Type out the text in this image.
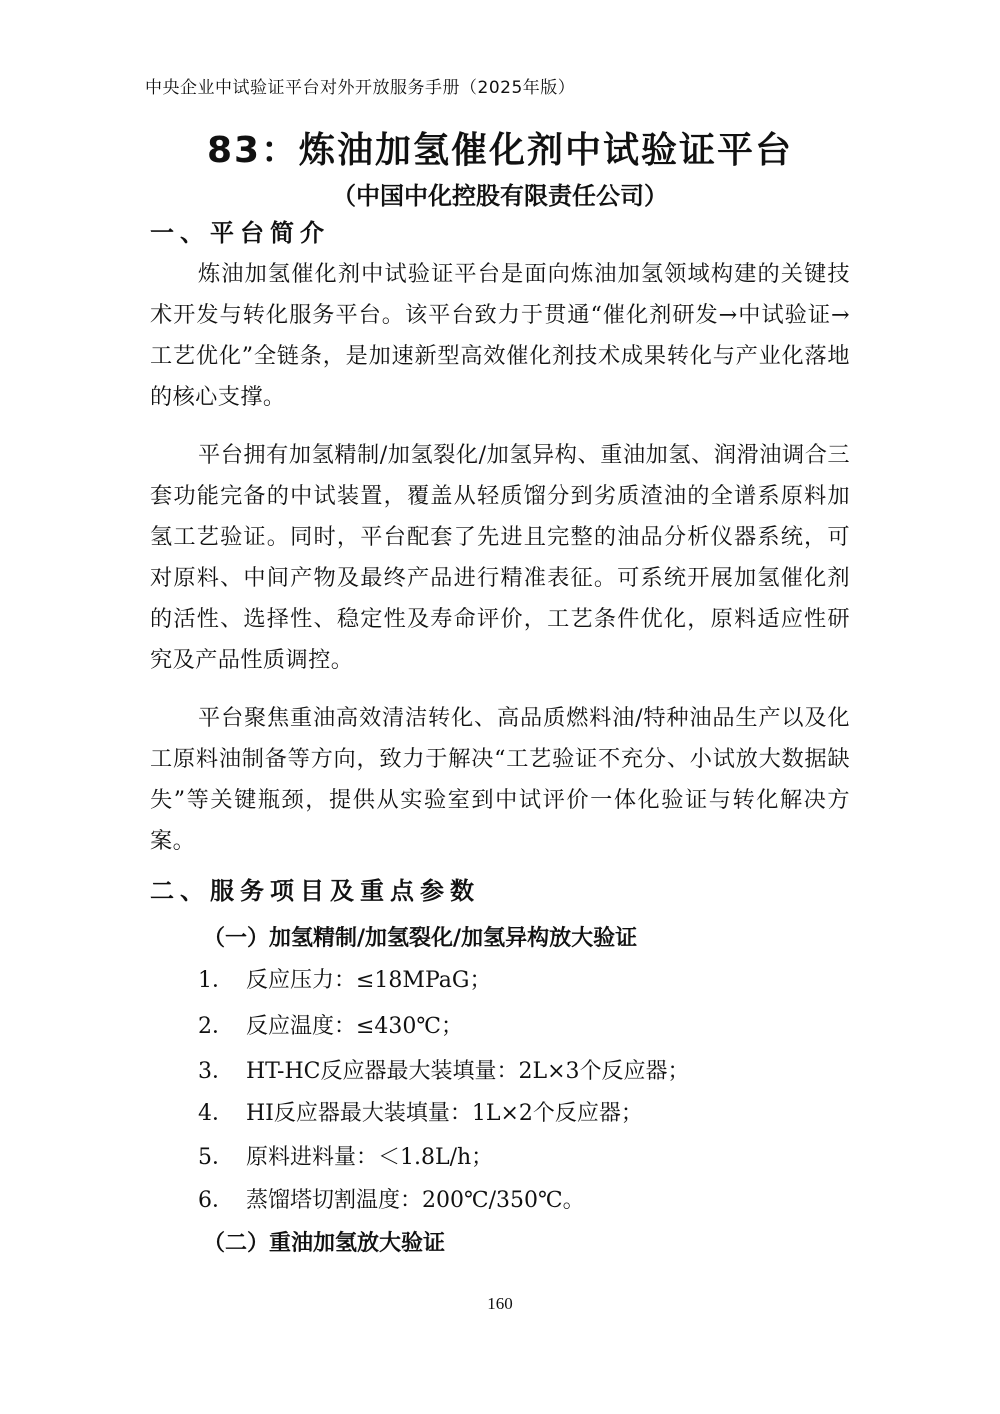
中央企业中试验证平台对外开放服务手册（2025年版）
83：炼油加氢催化剂中试验证平台
（中国中化控股有限责任公司）
一、平台简介

炼油加氢催化剂中试验证平台是面向炼油加氢领域构建的关键技术开发与转化服务平台。该平台致力于贯通“催化剂研发→中试验证→工艺优化”全链条，是加速新型高效催化剂技术成果转化与产业化落地的核心支撑。

平台拥有加氢精制/加氢裂化/加氢异构、重油加氢、润滑油调合三套功能完备的中试装置，覆盖从轻质馏分到劣质渣油的全谱系原料加氢工艺验证。同时，平台配套了先进且完整的油品分析仪器系统，可对原料、中间产物及最终产品进行精准表征。可系统开展加氢催化剂的活性、选择性、稳定性及寿命评价，工艺条件优化，原料适应性研究及产品性质调控。

平台聚焦重油高效清洁转化、高品质燃料油/特种油品生产以及化工原料油制备等方向，致力于解决“工艺验证不充分、小试放大数据缺失”等关键瓶颈，提供从实验室到中试评价一体化验证与转化解决方案。

二、服务项目及重点参数
（一）加氢精制/加氢裂化/加氢异构放大验证
1． 反应压力：≤18MPaG；
2． 反应温度：≤430℃；
3． HT-HC反应器最大装填量：2L×3个反应器；
4． HI反应器最大装填量：1L×2个反应器；
5． 原料进料量：＜1.8L/h；
6． 蒸馏塔切割温度：200℃/350℃。
（二）重油加氢放大验证
160
